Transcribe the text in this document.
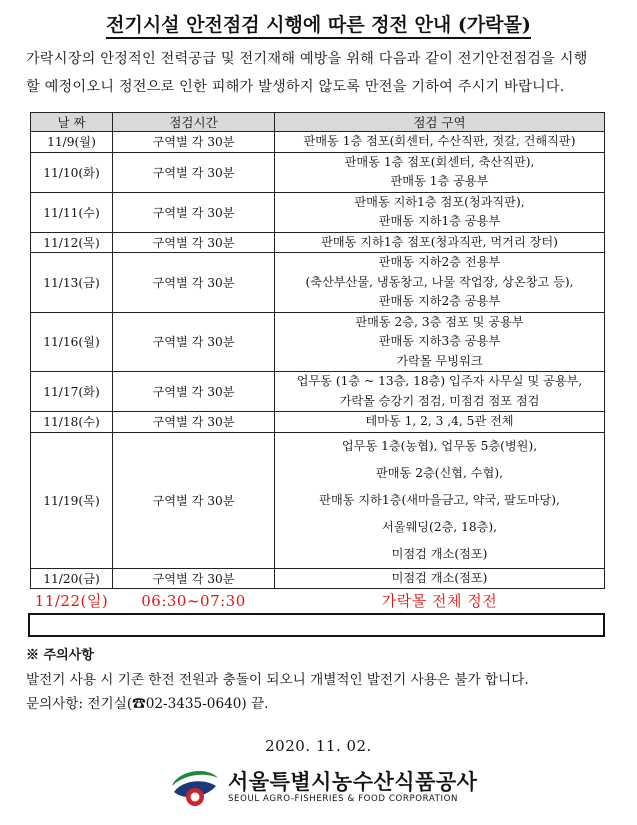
전기시설 안전점검 시행에 따른 정전 안내 (가락몰)
가락시장의 안정적인 전력공급 및 전기재해 예방을 위해 다음과 같이 전기안전점검을 시행
할 예정이오니 정전으로 인한 피해가 발생하지 않도록 만전을 기하여 주시기 바랍니다.
날 짜	점검시간	점검 구역
11/9(월)	구역별 각 30분	판매동 1층 점포(회센터, 수산직판, 젓갈, 건해직판)

11/10(화)	구역별 각 30분	판매동 1층 점포(회센터, 축산직판),
판매동 1층 공용부

11/11(수)	구역별 각 30분	판매동 지하1층 점포(청과직판),
판매동 지하1층 공용부

11/12(목)	구역별 각 30분	판매동 지하1층 점포(청과직판, 먹거리 장터)

11/13(금)	구역별 각 30분	판매동 지하2층 전용부
(축산부산물, 냉동창고, 나물 작업장, 상온창고 등),
판매동 지하2층 공용부

11/16(월)	구역별 각 30분	판매동 2층, 3층 점포 및 공용부
판매동 지하3층 공용부
가락몰 무빙워크

11/17(화)	구역별 각 30분	업무동 (1층 ~ 13층, 18층) 입주자 사무실 및 공용부,
가락몰 승강기 점검, 미점검 점포 점검

11/18(수)	구역별 각 30분	테마동 1, 2, 3 ,4, 5관 전체

11/19(목)	구역별 각 30분	업무동 1층(농협), 업무동 5층(병원),
판매동 2층(신협, 수협),
판매동 지하1층(새마을금고, 약국, 팔도마당),
서울웨딩(2층, 18층),
미점검 개소(점포)

11/20(금)	구역별 각 30분	미점검 개소(점포)

11/22(일)	06:30~07:30	가락몰 전체 정전
※ 주의사항
발전기 사용 시 기존 한전 전원과 충돌이 되오니 개별적인 발전기 사용은 불가 합니다.
문의사항: 전기실(☎02-3435-0640) 끝.
2020. 11. 02.
서울특별시농수산식품공사
SEOUL AGRO-FISHERIES & FOOD CORPORATION
